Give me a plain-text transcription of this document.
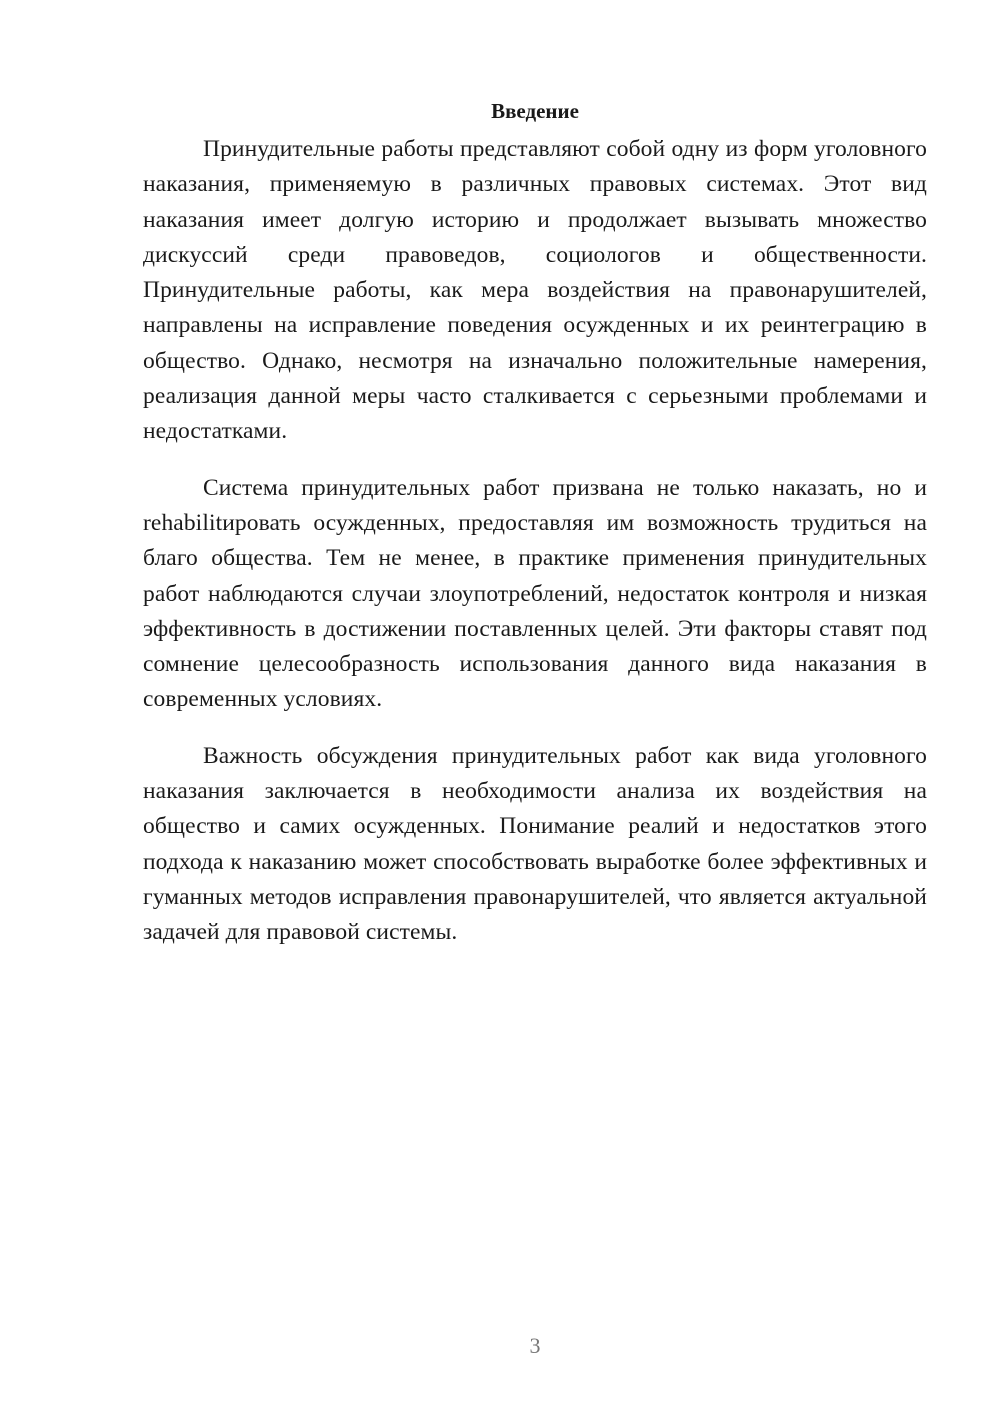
Введение

Принудительные работы представляют собой одну из форм уголовного наказания, применяемую в различных правовых системах. Этот вид наказания имеет долгую историю и продолжает вызывать множество дискуссий среди правоведов, социологов и общественности. Принудительные работы, как мера воздействия на правонарушителей, направлены на исправление поведения осужденных и их реинтеграцию в общество. Однако, несмотря на изначально положительные намерения, реализация данной меры часто сталкивается с серьезными проблемами и недостатками.

Система принудительных работ призвана не только наказать, но и rehabilitировать осужденных, предоставляя им возможность трудиться на благо общества. Тем не менее, в практике применения принудительных работ наблюдаются случаи злоупотреблений, недостаток контроля и низкая эффективность в достижении поставленных целей. Эти факторы ставят под сомнение целесообразность использования данного вида наказания в современных условиях.

Важность обсуждения принудительных работ как вида уголовного наказания заключается в необходимости анализа их воздействия на общество и самих осужденных. Понимание реалий и недостатков этого подхода к наказанию может способствовать выработке более эффективных и гуманных методов исправления правонарушителей, что является актуальной задачей для правовой системы.

3
